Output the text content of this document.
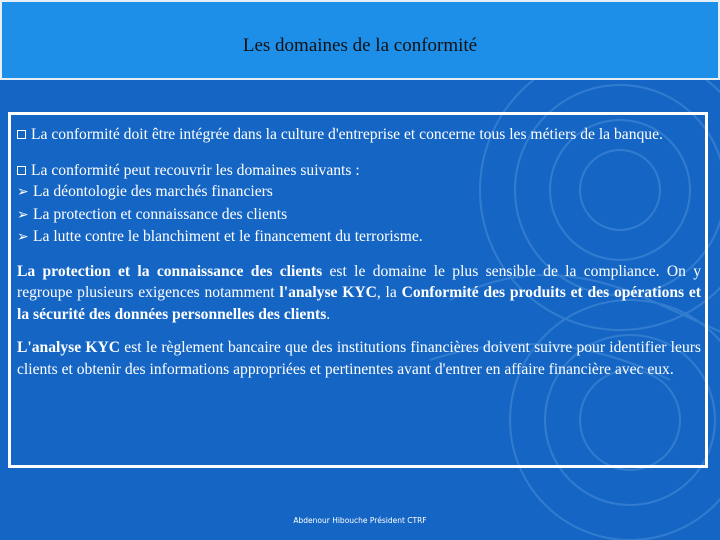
Les domaines de la conformité

La conformité doit être intégrée dans la culture d'entreprise et concerne tous les métiers de la banque.

La conformité peut recouvrir les domaines suivants :
➢ La déontologie des marchés financiers
➢ La protection et connaissance des clients
➢ La lutte contre le blanchiment et le financement du terrorisme.

La protection et la connaissance des clients est le domaine le plus sensible de la compliance. On y regroupe plusieurs exigences notamment l'analyse KYC, la Conformité des produits et des opérations et la sécurité des données personnelles des clients.

L'analyse KYC est le règlement bancaire que des institutions financières doivent suivre pour identifier leurs clients et obtenir des informations appropriées et pertinentes avant d'entrer en affaire financière avec eux.

Abdenour Hibouche Président CTRF
